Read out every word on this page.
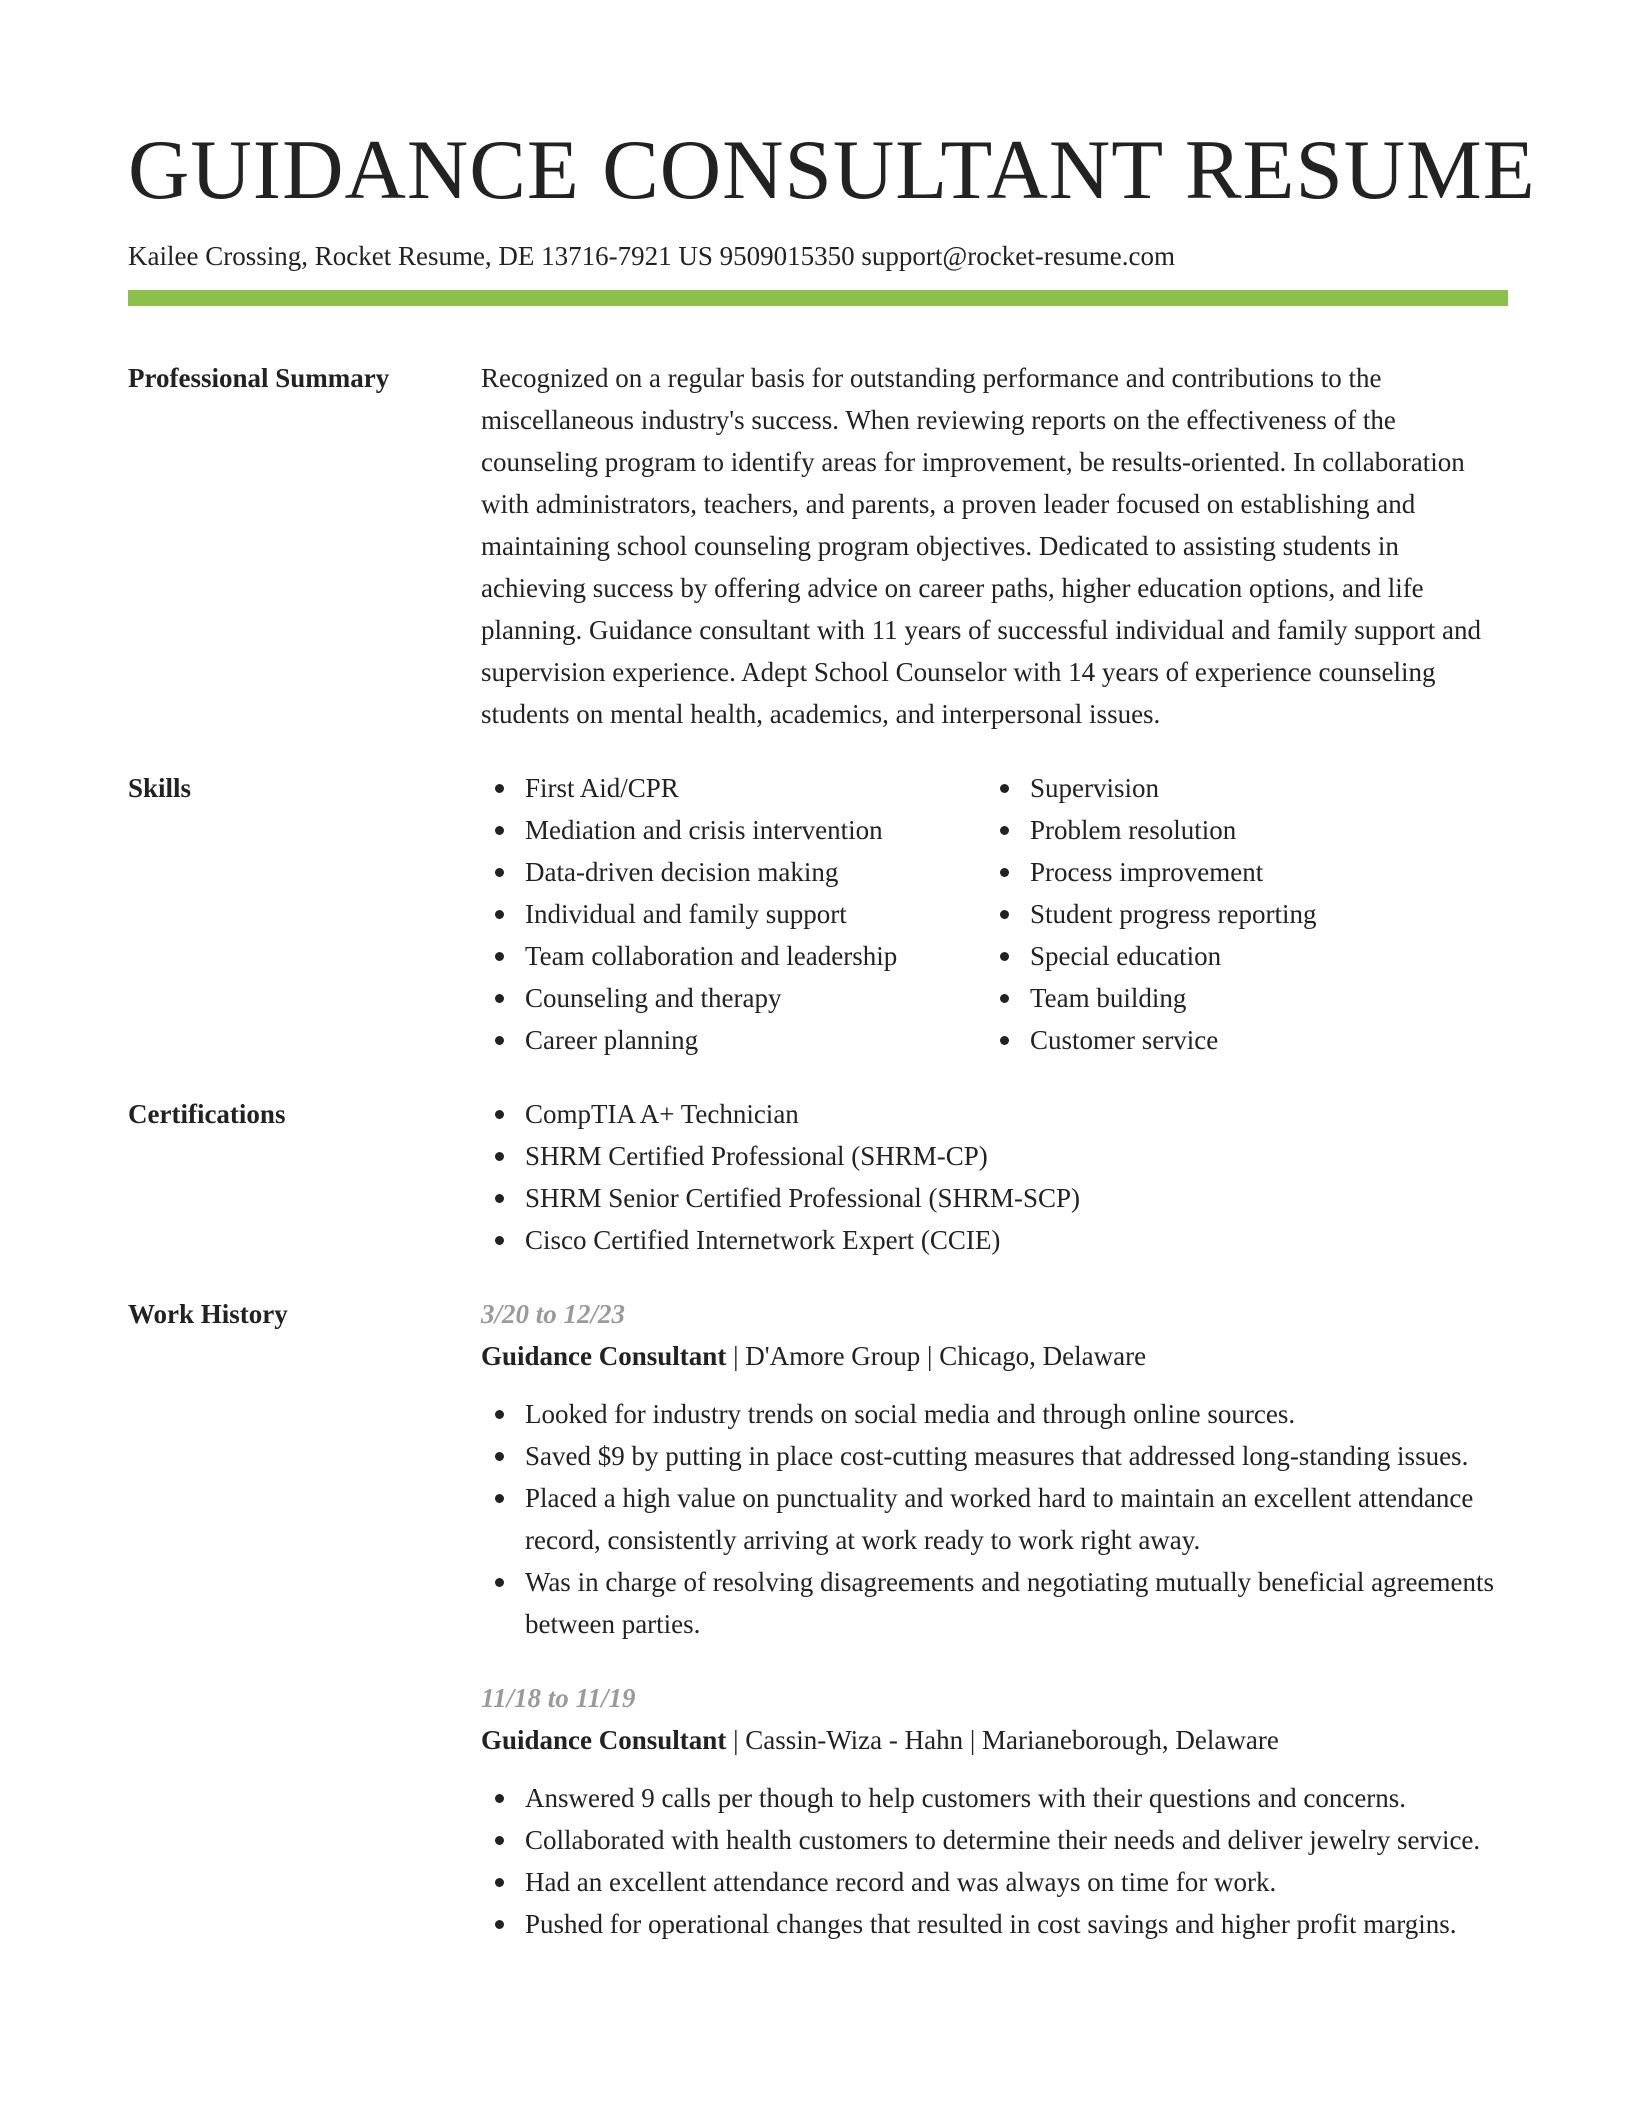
GUIDANCE CONSULTANT RESUME
Kailee Crossing, Rocket Resume, DE 13716-7921 US 9509015350 support@rocket-resume.com
Professional Summary	Recognized on a regular basis for outstanding performance and contributions to the miscellaneous industry's success. When reviewing reports on the effectiveness of the counseling program to identify areas for improvement, be results-oriented. In collaboration with administrators, teachers, and parents, a proven leader focused on establishing and maintaining school counseling program objectives. Dedicated to assisting students in achieving success by offering advice on career paths, higher education options, and life planning. Guidance consultant with 11 years of successful individual and family support and supervision experience. Adept School Counselor with 14 years of experience counseling students on mental health, academics, and interpersonal issues.
Skills	First Aid/CPR
Mediation and crisis intervention
Data-driven decision making
Individual and family support
Team collaboration and leadership
Counseling and therapy
Career planning
Supervision
Problem resolution
Process improvement
Student progress reporting
Special education
Team building
Customer service
Certifications	CompTIA A+ Technician
SHRM Certified Professional (SHRM-CP)
SHRM Senior Certified Professional (SHRM-SCP)
Cisco Certified Internetwork Expert (CCIE)
Work History	3/20 to 12/23
Guidance Consultant | D'Amore Group | Chicago, Delaware
Looked for industry trends on social media and through online sources.
Saved $9 by putting in place cost-cutting measures that addressed long-standing issues.
Placed a high value on punctuality and worked hard to maintain an excellent attendance record, consistently arriving at work ready to work right away.
Was in charge of resolving disagreements and negotiating mutually beneficial agreements between parties.
11/18 to 11/19
Guidance Consultant | Cassin-Wiza - Hahn | Marianeborough, Delaware
Answered 9 calls per though to help customers with their questions and concerns.
Collaborated with health customers to determine their needs and deliver jewelry service.
Had an excellent attendance record and was always on time for work.
Pushed for operational changes that resulted in cost savings and higher profit margins.
